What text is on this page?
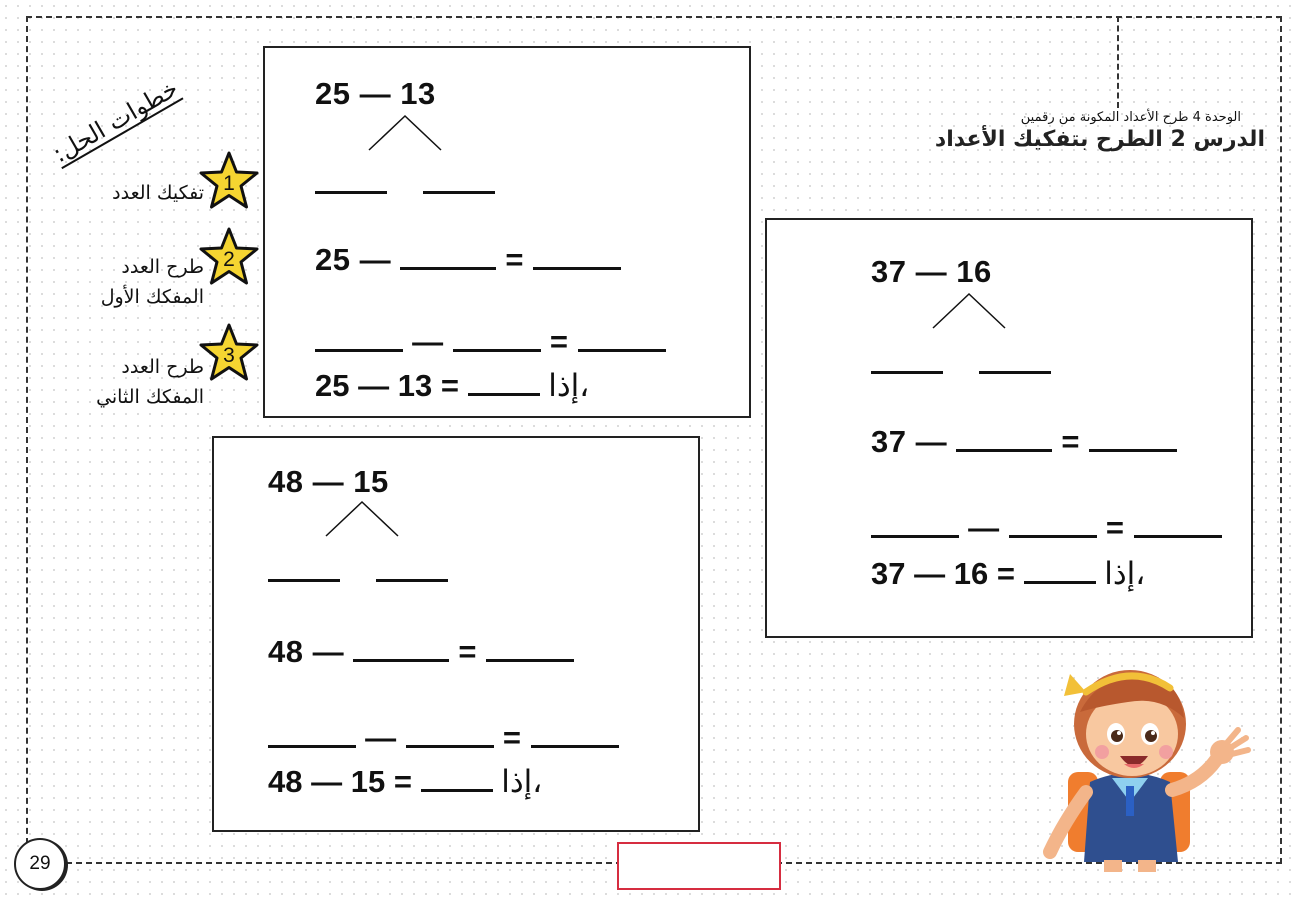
الوحدة 4 طرح الأعداد المكونة من رقمين
الدرس 2 الطرح بتفكيك الأعداد
خطوات الحل:
1
تفكيك العدد
2
طرح العدد المفكك الأول
3
طرح العدد المفكك الثاني
25 — 13

25 —	=
—	=
25 — 13 =	إذا،
37 — 16

37 —	=
—	=
37 — 16 =	إذا،
48 — 15

48 —	=
—	=
48 — 15 =	إذا،
29
